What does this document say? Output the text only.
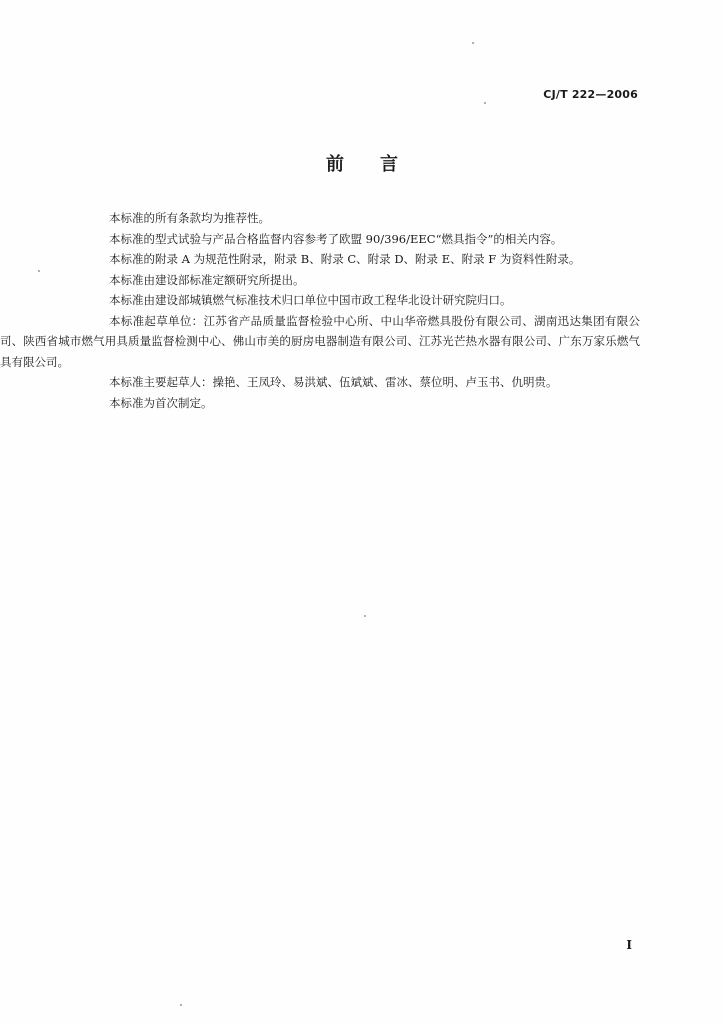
CJ/T 222—2006
前 言

本标准的所有条款均为推荐性。

本标准的型式试验与产品合格监督内容参考了欧盟 90/396/EEC“燃具指令”的相关内容。

本标准的附录 A 为规范性附录，附录 B、附录 C、附录 D、附录 E、附录 F 为资料性附录。

本标准由建设部标准定额研究所提出。

本标准由建设部城镇燃气标准技术归口单位中国市政工程华北设计研究院归口。

本标准起草单位：江苏省产品质量监督检验中心所、中山华帝燃具股份有限公司、湖南迅达集团有限公司、陕西省城市燃气用具质量监督检测中心、佛山市美的厨房电器制造有限公司、江苏光芒热水器有限公司、广东万家乐燃气具有限公司。

本标准主要起草人：操艳、王凤玲、易洪斌、伍斌斌、雷冰、蔡位明、卢玉书、仇明贵。

本标准为首次制定。

I
